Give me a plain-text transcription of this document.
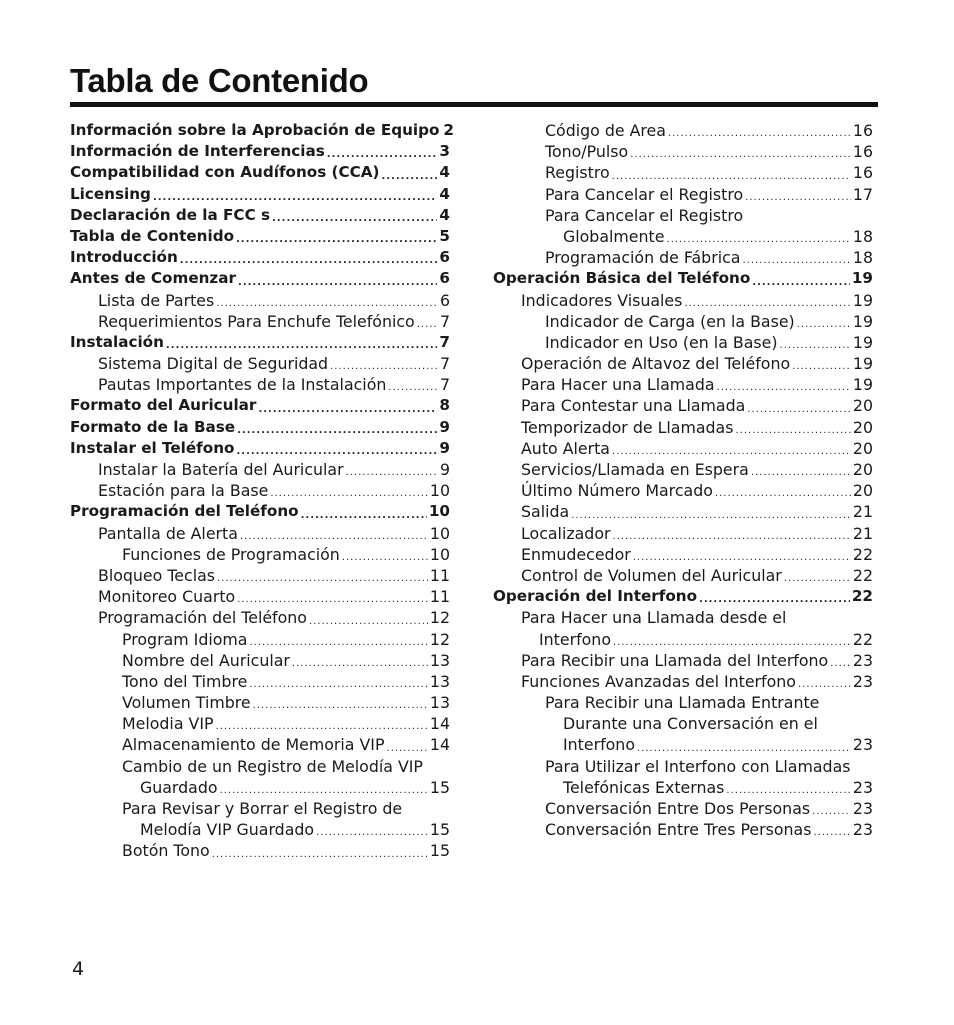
Tabla de Contenido
Información sobre la Aprobación de Equipo 2
Información de Interferencias .....	3
Compatibilidad con Audífonos (CCA) .....	4
Licensing .....	4
Declaración de la FCC s .....	4
Tabla de Contenido .....	5
Introducción .....	6
Antes de Comenzar .....	6
Lista de Partes .....	6
Requerimientos Para Enchufe Telefónico ..... 7
Instalación .....	7
Sistema Digital de Seguridad .....	7
Pautas Importantes de la Instalación .....	7
Formato del Auricular .....	8
Formato de la Base .....	9
Instalar el Teléfono .....	9
Instalar la Batería del Auricular .....	9
Estación para la Base .....	10
Programación del Teléfono .....	10
Pantalla de Alerta .....	10
Funciones de Programación .....	10
Bloqueo Teclas .....	11
Monitoreo Cuarto .....	11
Programación del Teléfono .....	12
Program Idioma .....	12
Nombre del Auricular .....	13
Tono del Timbre .....	13
Volumen Timbre .....	13
Melodia VIP .....	14
Almacenamiento de Memoria VIP .....	14
Cambio de un Registro de Melodía VIP
Guardado .....	15
Para Revisar y Borrar el Registro de
Melodía VIP Guardado .....	15
Botón Tono .....	15
Código de Area .....	16
Tono/Pulso .....	16
Registro .....	16
Para Cancelar el Registro .....	17
Para Cancelar el Registro
Globalmente .....	18
Programación de Fábrica .....	18
Operación Básica del Teléfono .....	19
Indicadores Visuales .....	19
Indicador de Carga (en la Base) .....	19
Indicador en Uso (en la Base) .....	19
Operación de Altavoz del Teléfono .....	19
Para Hacer una Llamada .....	19
Para Contestar una Llamada .....	20
Temporizador de Llamadas .....	20
Auto Alerta .....	20
Servicios/Llamada en Espera .....	20
Último Número Marcado .....	20
Salida .....	21
Localizador .....	21
Enmudecedor .....	22
Control de Volumen del Auricular .....	22
Operación del Interfono .....	22
Para Hacer una Llamada desde el
Interfono .....	22
Para Recibir una Llamada del Interfono ..... 23
Funciones Avanzadas del Interfono .....	23
Para Recibir una Llamada Entrante
Durante una Conversación en el
Interfono .....	23
Para Utilizar el Interfono con Llamadas
Telefónicas Externas .....	23
Conversación Entre Dos Personas .....	23
Conversación Entre Tres Personas .....	23
4
